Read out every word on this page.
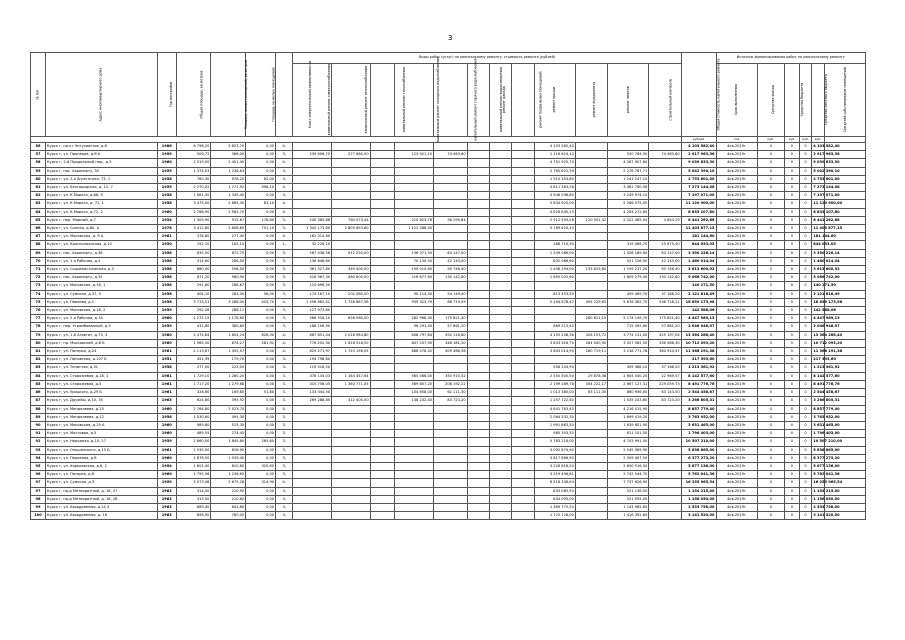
3
№ п/п	Адрес многоквартирного дома	Год постройки	Общая площадь, кв.метров	Площадь жилых помещений, кв.метров	Площадь нежилых помещений	Класс энергетической эффективности	Виды работ (услуг) по капитальному ремонту, стоимость ремонта (рублей)												Общая стоимость капитального ремонта	Источник финансирования работ по капитальному ремонту					
							капитальный ремонт электроснабжения	капитальный ремонт теплоснабжения	капитальный ремонт газоснабжения	капитальный ремонт холодного водоснабжения	капитальный ремонт горячего водоснабжения	капитальный ремонт водоотведения	ремонт фасада	ремонт подвальных помещений	ремонт крыши	ремонт фундамента	ремонт лифтов	строительный контроль		Срок выполнения	Средства фонда	Средства бюджета	Средства местного бюджета	Средства собственников помещений	
																			рублей	год	руб.	руб.	руб.	руб.	
56	Курск г, пр-кт Энтузиастов, д.8	1988	6 798,20	5 823,70	0,00	4-									4 103 582,40				4 103 582,40	4кв.2019г	0	0	0	4 103 582,40	
57	Курск г, ул. Пионеров, д.8 А	1959	509,72	368,00	0,00	3-	239 606,70	277 660,00		123 921,10	74 463,60				1 116 624,10		520 784,95	74 463,60	2 917 963,36	4кв.2019г	0	0	0	2 917 963,36	
58	Курск г, 2-й Продольный пер., д.3	1960	2 519,50	2 401,40	0,00	4-									4 751 925,70		4 267 907,60		9 039 833,30	4кв.2019г	0	0	0	9 039 833,30	
59	Курск г, пос. Аэропорту, 30	1959	1 374,03	1 236,63	0,00	3-									2 765 622,39		2 276 767,71		5 042 390,10	4кв.2019г	0	0	0	5 042 390,10	
60	Курск г, ул. 1-я Агрегатная, 73, 1	1958	760,30	678,20	82,00	3-									1 510 353,60		1 243 247,10		2 753 601,00	4кв.2019г	0	0	0	2 753 601,00	
61	Курск г, ул. Белгородская, д. 12, 7	1959	2 270,02	1 271,92	998,10	4-									3 811 363,28		3 461 780,56		7 273 144,08	4кв.2019г	0	0	0	7 273 144,08	
62	Курск г, ул. К.Маркса, д.66, 9	1958	1 981,30	1 349,40	0,00	3-									3 946 096,60		3 249 974,10		7 197 071,00	4кв.2019г	0	0	0	7 197 071,00	
63	Курск г, ул. К.Маркса, д. 72, 1	1958	3 475,00	2 865,30	83,10	4-									5 834 925,00		5 286 075,00		11 120 900,00	4кв.2019г	0	0	0	11 120 900,00	
64	Курск г, ул. К.Маркса, д.72, 2	1960	2 766,90	2 562,70	0,00	4-									4 628 835,15		4 204 272,65		8 833 107,80	4кв.2019г	0	0	0	8 833 107,80	
65	Курск г, пер. Мирный, д.7	1954	1 309,90	915,67	178,60	3-	240 385,88	760 073,44		210 823,76	58 299,84				2 512 593,28	120 591,42	2 322 465,04	4 844,29	6 441 262,68	4кв.2019г	0	0	0	6 441 262,68	
66	Курск г, ул. Сонная, д.60, А	1978	3 412,60	2 808,60	701,10	3-	1 345 173,60	2 805 693,60		1 122 386,40					5 789 420,10				11 403 877,15	4кв.2019г	0	0	0	11 403 877,15	
67	Курск г, ул. Моковская, д. 9 А	1961	376,60	277,40	0,00	4-	162 314,60												181 144,60	4кв.2019г	0	0	0	181 144,60	
68	Курск г, ул. Краснополосная, д.10	1950	192,10	183,10	0,00	1-	32 226,10								388 710,30		319 086,70	25 675,40	844 053,05	4кв.2019г	0	0	0	844 053,05	
69	Курск г, пос. Аэропорту, д.36	1958	835,50	672,75	0,00	3-	267 438,58	912 250,00		136 371,50	63 147,00				1 249 086,00		1 028 189,60	63 147,00	3 350 226,14	4кв.2019г	0	0	0	3 350 226,14	
70	Курск г, ул. 1-я Рабочая, д.2	1958	314,60	286,50	0,00	3-	136 648,60			70 130,50	42 143,00				632 066,60		521 126,50	42 143,00	1 460 014,04	4кв.2019г	0	0	0	1 460 014,04	
71	Курск г, ул. Социалистическая, д.3	1958	680,00	556,50	0,00	3-	361 527,80	349 400,00		159 010,80	90 746,40				1 408 294,00	133 623,80	1 159 237,20	90 746,40	3 613 600,92	4кв.2019г	0	0	0	3 613 600,92	
72	Курск г, пос. Аэропорту, д.35	1958	871,20	580,90	0,00	3-	416 567,30	480 600,00		216 677,60	130 142,80				1 855 025,60		1 609 279,40	130 142,80	5 066 742,00	4кв.2019г	0	0	0	5 066 742,00	
73	Курск г, ул. Моковская, д.18, 1	1958	291,60	288,67	0,00	3-	125 696,50												140 271,50	4кв.2019г	0	0	0	140 271,50	
74	Курск г, ул. Сумская, д.37, 9	1958	404,10	283,00	56,00	3-	174 167,10	202 080,00		90 114,30	54 149,40				813 453,30		459 469,70	37 168,20	2 121 818,49	4кв.2019г	0	0	0	2 121 818,49	
75	Курск г, ул. Павлова, д.1	1958	3 733,51	3 288,00	425,70	4-	1 456 862,41	1 738 867,58		939 323,79	66 719,59				5 294 678,47	495 229,65	5 678 362,75	536 728,21	16 659 173,98	4кв.2019г	0	0	0	16 659 173,98	
76	Курск г, ул. Моковская, д.18, 2	1959	292,26	286,11	0,00	3-	127 973,60												142 588,06	4кв.2019г	0	0	0	142 588,06	
77	Курск г, ул. 2-я Рабочая, д.7А	1960	1 272,15	1 178,60	0,00	3-	566 516,10	658 060,00		282 966,30	175 821,40					280 611,15	2 174 149,70	175 821,40	4 447 989,13	4кв.2019г	0	0	0	4 447 989,13	
78	Курск г, пер. Утрамбованный, д.5	1959	431,80	380,80	0,00	3-	186 106,90			96 291,40	57 861,20				869 213,40		715 492,60	57 861,20	2 046 946,07	4кв.2019г	0	0	0	2 046 946,07	
79	Курск г, ул. 1-й Агрегат, д.73, 3	1980	2 474,84	1 804,24	626,00	4-	867 851,44	2 018 984,80		608 797,84	492 116,80				4 155 258,36	326 153,72	3 774 131,00	425 197,04	13 364 286,40	4кв.2019г	0	0	0	13 364 286,40	
80	Курск г, пр. Московский, д.6 Б	1960	1 965,30	874,27	281,91	4-	776 252,30	1 618 018,50		647 207,90	348 181,20				3 633 316,70	264 040,90	3 027 582,50	336 466,30	10 712 093,20	4кв.2019г	0	0	0	10 712 093,20	
81	Курск г, ул. Пятерка, д.24	1961	2 113,67	1 492,57	0,00	4-	825 271,97	1 720 196,05		688 078,42	409 466,56				3 843 014,95	280 719,11	3 218 771,78	360 924,57	11 368 191,38	4кв.2019г	0	0	0	11 368 191,38	
82	Курск г, ул. Липовская, д.107 Б	1951	451,95	179,70	0,00	3-	194 798,60												217 393,60	4кв.2019г	0	0	0	217 393,60	
83	Курск г, ул. Тенистая, д.31	1958	277,00	222,00	0,00	3-	119 516,50								558 204,90		459 486,10	37 168,20	1 213 361,92	4кв.2019г	0	0	0	1 213 361,92	
84	Курск г, ул. Сторожевая, д.18, 1	1961	1 729,10	1 280,20	0,00	3-	378 134,03	1 164 457,64		565 066,00	350 910,52				2 550 500,50	29 878,38	2 604 540,20	22 969,57	8 142 577,60	4кв.2019г	0	0	0	8 142 577,60	
85	Курск г, ул. Сторожевая, д.5	1961	1 717,20	1 279,68	0,00	3-	310 758,05	1 360 771,05		569 807,20	206 192,22				2 199 289,78	304 222,17	2 667 127,31	229 059,73	8 491 776,76	4кв.2019г	0	0	0	8 491 776,76	
86	Курск г, ул. Урицкого, д.29 Б	1961	326,60	169,80	51,80	3-	133 344,50			104 658,00	62 111,30				1 013 380,00	63 111,30	860 956,00	63 143,50	2 544 458,67	4кв.2019г	0	0	0	2 544 458,67	
87	Курск г, ул. Дружбы, д.10, 35	1963	624,80	395,92	0,00	3-	269 288,80	312 400,00		138 232,40	83 723,20				1 257 722,40		1 035 243,60	83 723,20	3 266 805,31	4кв.2019г	0	0	0	3 266 805,31	
88	Курск г, ул. Менделеева, д.15	1960	2 764,80	2 523,70	0,00	4-									4 641 763,40		4 216 015,90		8 857 779,40	4кв.2019г	0	0	0	8 857 779,40	
89	Курск г, ул. Менделеева, д.12	1956	1 530,60	495,30	0,00	3-									2 064 532,30		1 699 419,20		3 763 952,00	4кв.2019г	0	0	0	3 763 952,00	
90	Курск г, ул. Моковская, д.29 А	1960	989,80	515,30	0,00	3-									1 991 863,50		1 639 601,90		3 631 465,00	4кв.2019г	0	0	0	3 631 465,00	
91	Курск г, ул. Мостовая, д.5	1960	489,55	274,45	0,00	3-									985 303,50		811 101,50		1 796 403,00	4кв.2019г	0	0	0	1 796 403,00	
92	Курск г, ул. Народная, д.10, 27	1959	2 860,00	1 845,80	265,60	3-									5 763 218,00		4 743 991,50		10 507 210,00	4кв.2019г	0	0	0	10 507 210,00	
93	Курск г, ул. Ольшанского, д.15 Б	1961	1 535,00	816,90	0,00	3-									3 092 874,90		2 545 985,90		5 638 865,00	4кв.2019г	0	0	0	5 638 865,00	
94	Курск г, ул. Перовная, д.8	1960	1 878,50	1 039,40	0,00	3-									3 817 866,50		2 559 407,50		6 377 273,20	4кв.2019г	0	0	0	6 377 273,20	
95	Курск г, ул. Харьковская, д.8, 2	1954	1 601,40	810,80	320,60	3-									3 228 616,20		2 650 516,50		5 877 136,00	4кв.2019г	0	0	0	5 877 136,00	
96	Курск г, ул. Пятерка, д.8	1960	1 795,36	1 236,65	0,00	3-									3 219 496,81		2 742 544,70		5 762 041,36	4кв.2019г	0	0	0	5 762 041,36	
97	Курск г, ул. Сумская, д.3	1959	5 073,48	2 675,28	314,90	4-									8 518 338,64		7 737 626,90		16 255 965,54	4кв.2019г	0	0	0	16 255 965,54	
97	Курск г, пр-д Метеоритный, д. 18, 27	1962	314,50	210,90	0,00	3-									633 085,50		521 136,50		1 154 215,00	4кв.2019г	0	0	0	1 154 215,00	
98	Курск г, пр-д Метеоритный, д. 18, 28	1962	315,00	210,60	0,00	3-									634 095,00		521 955,00		1 156 050,00	4кв.2019г	0	0	0	1 156 050,00	
99	Курск г, ул. Аэродромная, д.14 3	1963	689,40	841,80	0,00	3-									1 389 775,20		1 143 982,80		2 533 758,00	4кв.2019г	0	0	0	2 533 758,00	
100	Курск г, ул. Аэродромная, д. 16	1963	856,90	760,00	0,00	3-									1 725 126,00		1 416 392,60		3 141 520,00	4кв.2019г	0	0	0	3 141 520,00	
